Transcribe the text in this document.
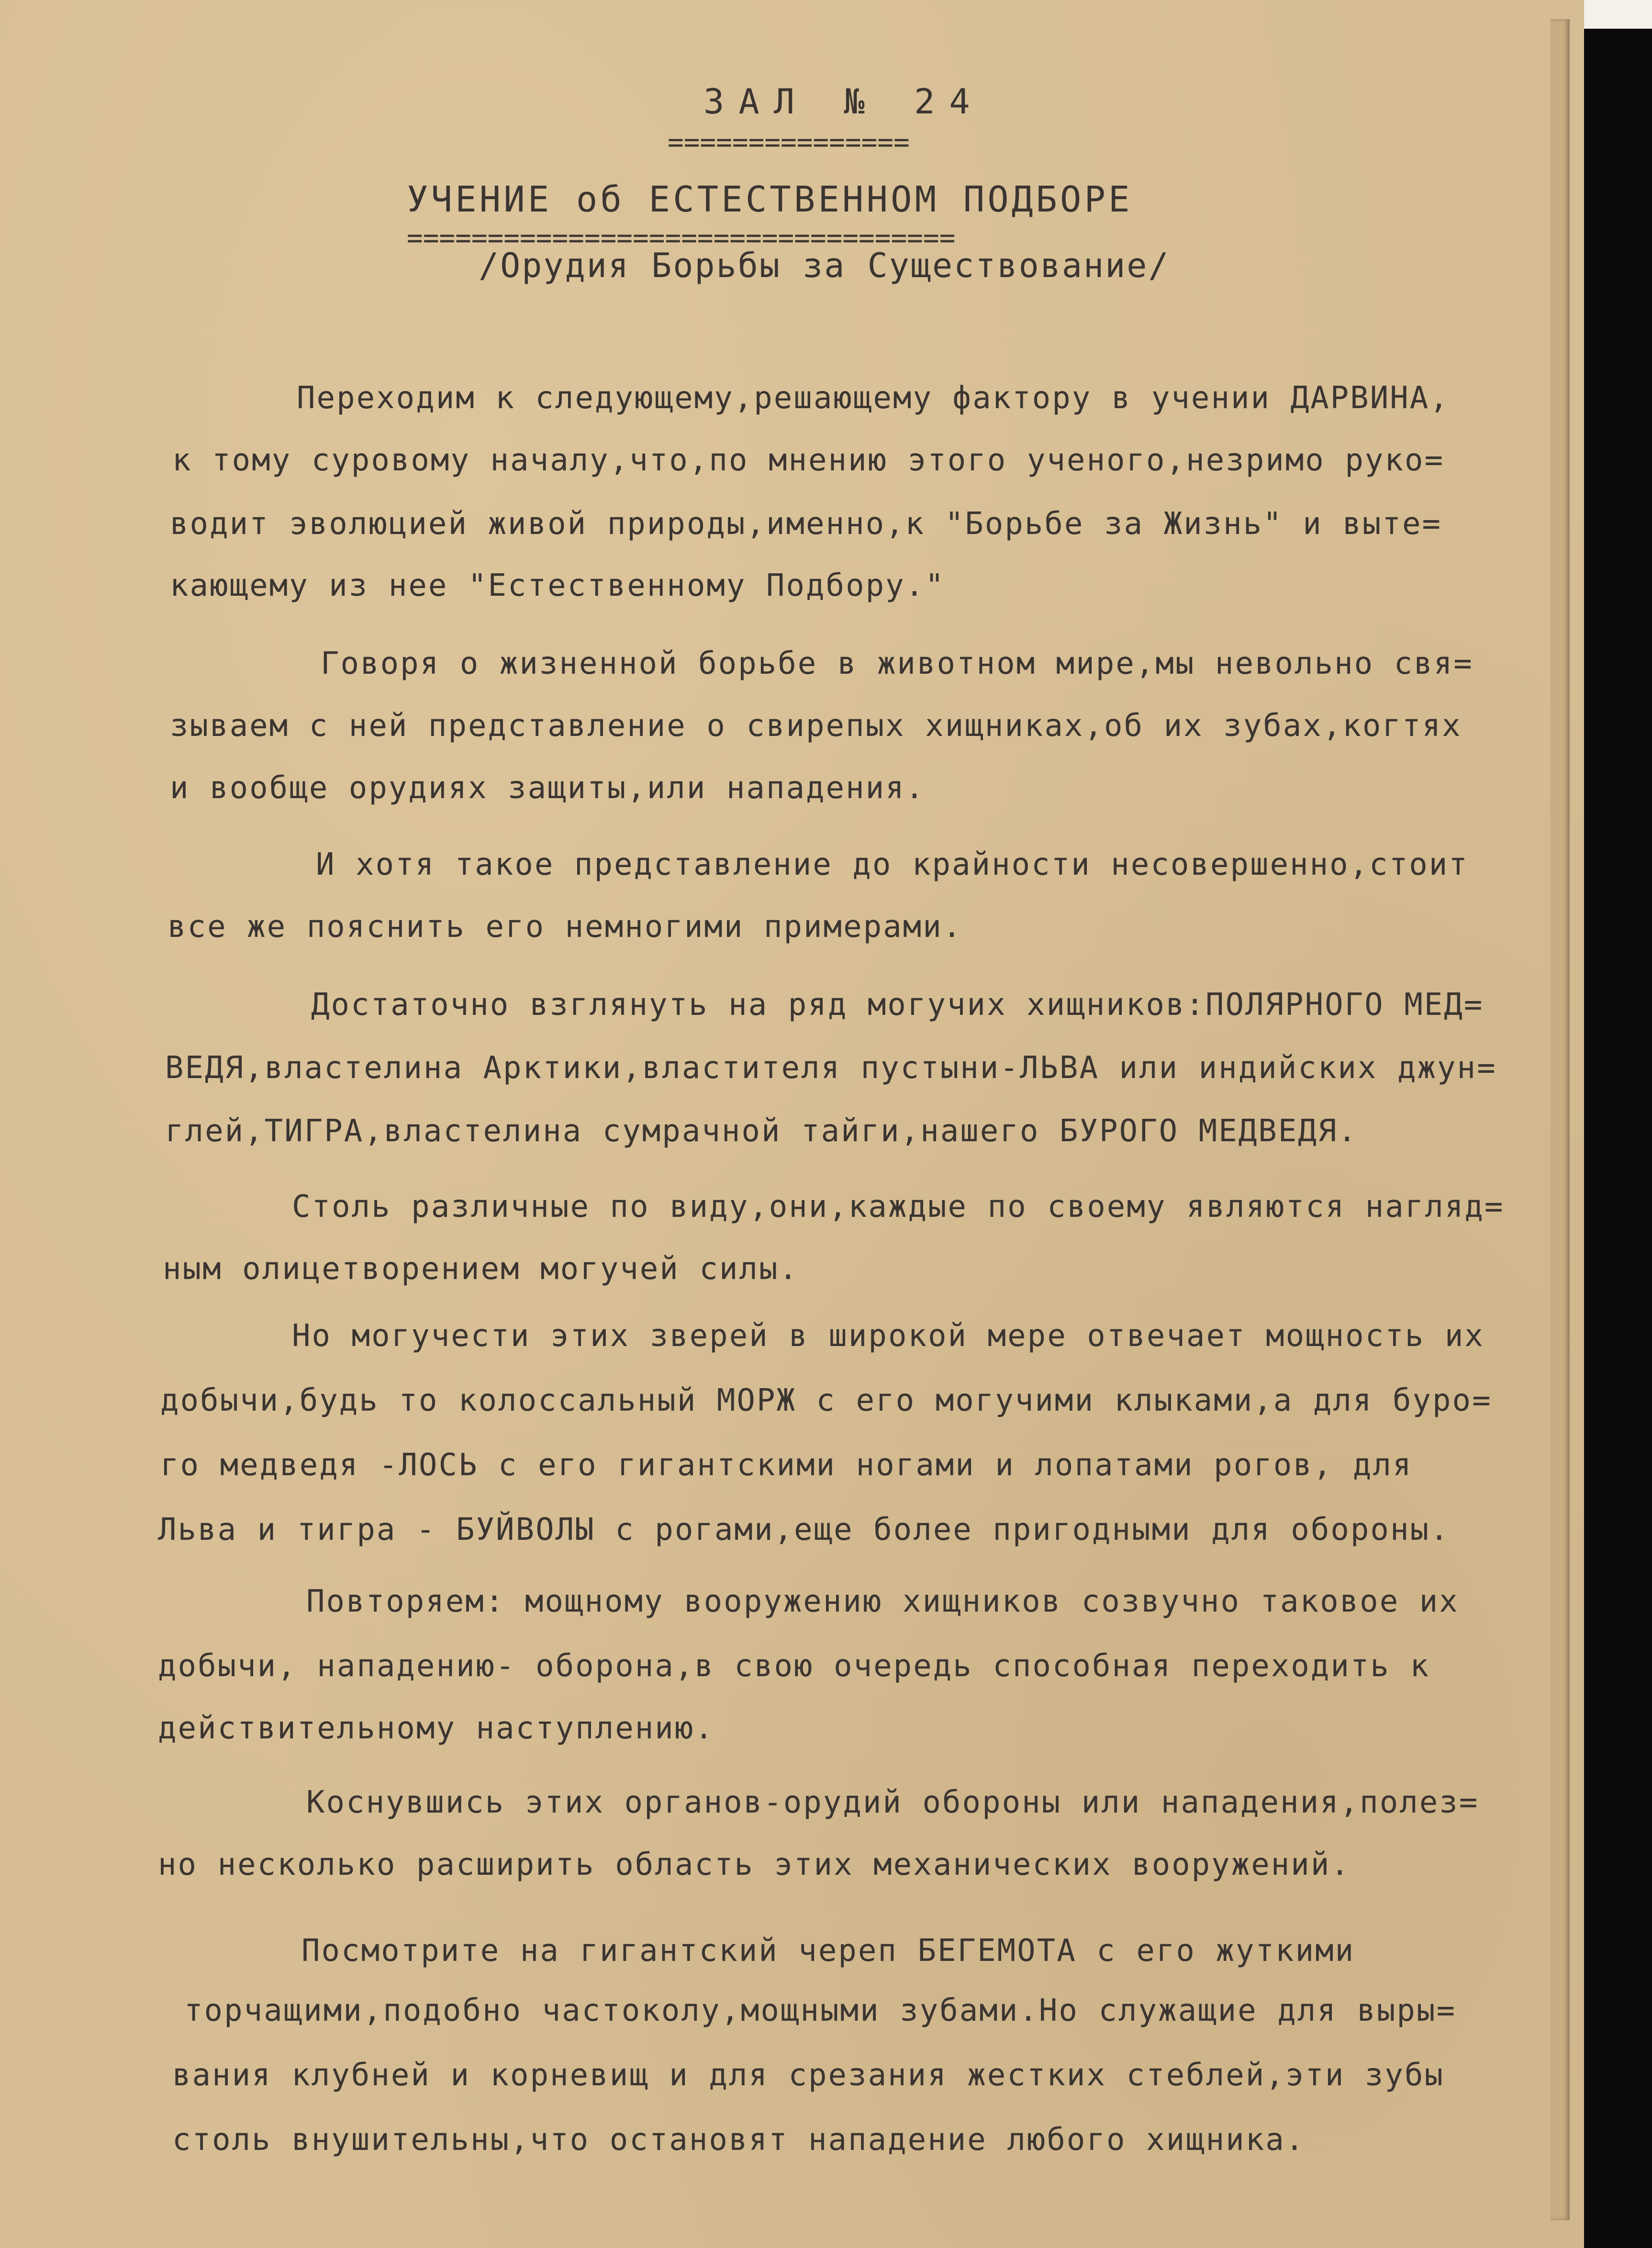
ЗАЛ № 24
===============
УЧЕНИЕ об ЕСТЕСТВЕННОМ ПОДБОРЕ
==================================
/Орудия Борьбы за Существование/
Переходим к следующему,решающему фактору в учении ДАРВИНА,
к тому суровому началу,что,по мнению этого ученого,незримо руко=
водит эволюцией живой природы,именно,к "Борьбе за Жизнь" и выте=
кающему из нее "Естественному Подбору."
Говоря о жизненной борьбе в животном мире,мы невольно свя=
зываем с ней представление о свирепых хищниках,об их зубах,когтях
и вообще орудиях защиты,или нападения.
И хотя такое представление до крайности несовершенно,стоит
все же пояснить его немногими примерами.
Достаточно взглянуть на ряд могучих хищников:ПОЛЯРНОГО МЕД=
ВЕДЯ,властелина Арктики,властителя пустыни-ЛЬВА или индийских джун=
глей,ТИГРА,властелина сумрачной тайги,нашего БУРОГО МЕДВЕДЯ.
Столь различные по виду,они,каждые по своему являются нагляд=
ным олицетворением могучей силы.
Но могучести этих зверей в широкой мере отвечает мощность их
добычи,будь то колоссальный МОРЖ с его могучими клыками,а для буро=
го медведя -ЛОСЬ с его гигантскими ногами и лопатами рогов, для
Льва и тигра - БУЙВОЛЫ с рогами,еще более пригодными для обороны.
Повторяем: мощному вооружению хищников созвучно таковое их
добычи, нападению- оборона,в свою очередь способная переходить к
действительному наступлению.
Коснувшись этих органов-орудий обороны или нападения,полез=
но несколько расширить область этих механических вооружений.
Посмотрите на гигантский череп БЕГЕМОТА с его жуткими
торчащими,подобно частоколу,мощными зубами.Но служащие для выры=
вания клубней и корневищ и для срезания жестких стеблей,эти зубы
столь внушительны,что остановят нападение любого хищника.
